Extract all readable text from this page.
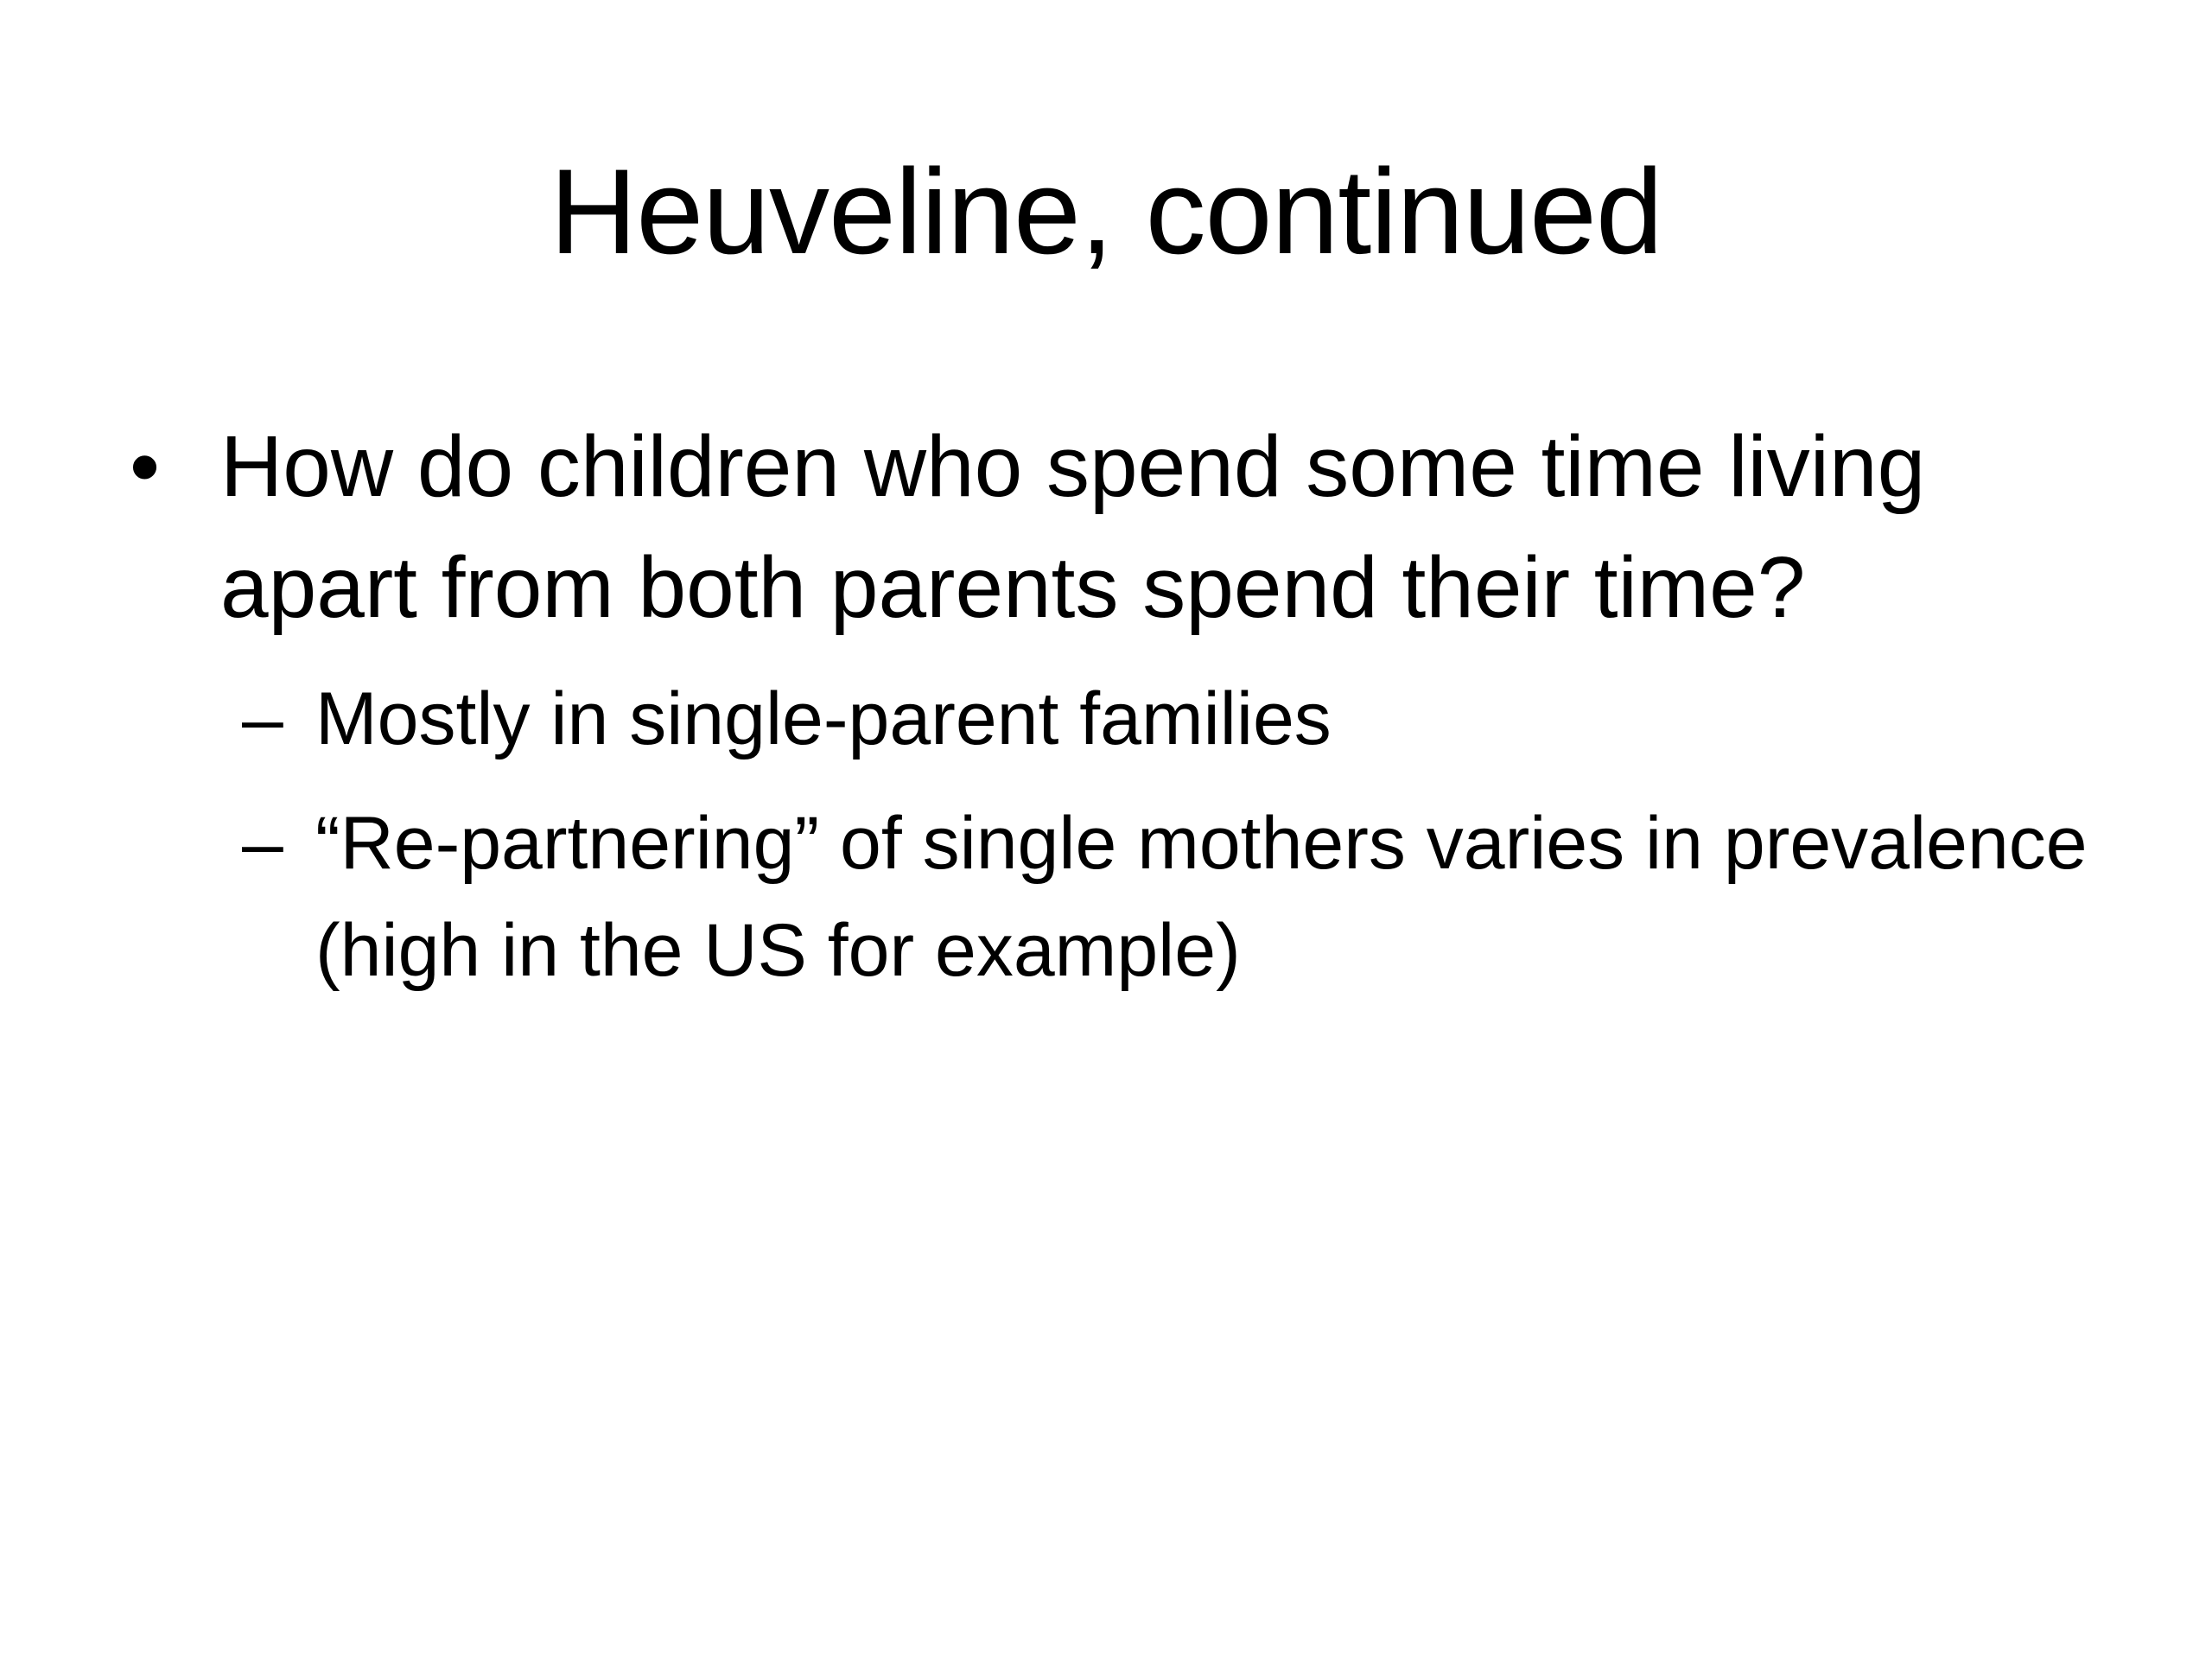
Heuveline, continued
• How do children who spend some time living apart from both parents spend their time?
– Mostly in single-parent families
– “Re-partnering” of single mothers varies in prevalence (high in the US for example)
